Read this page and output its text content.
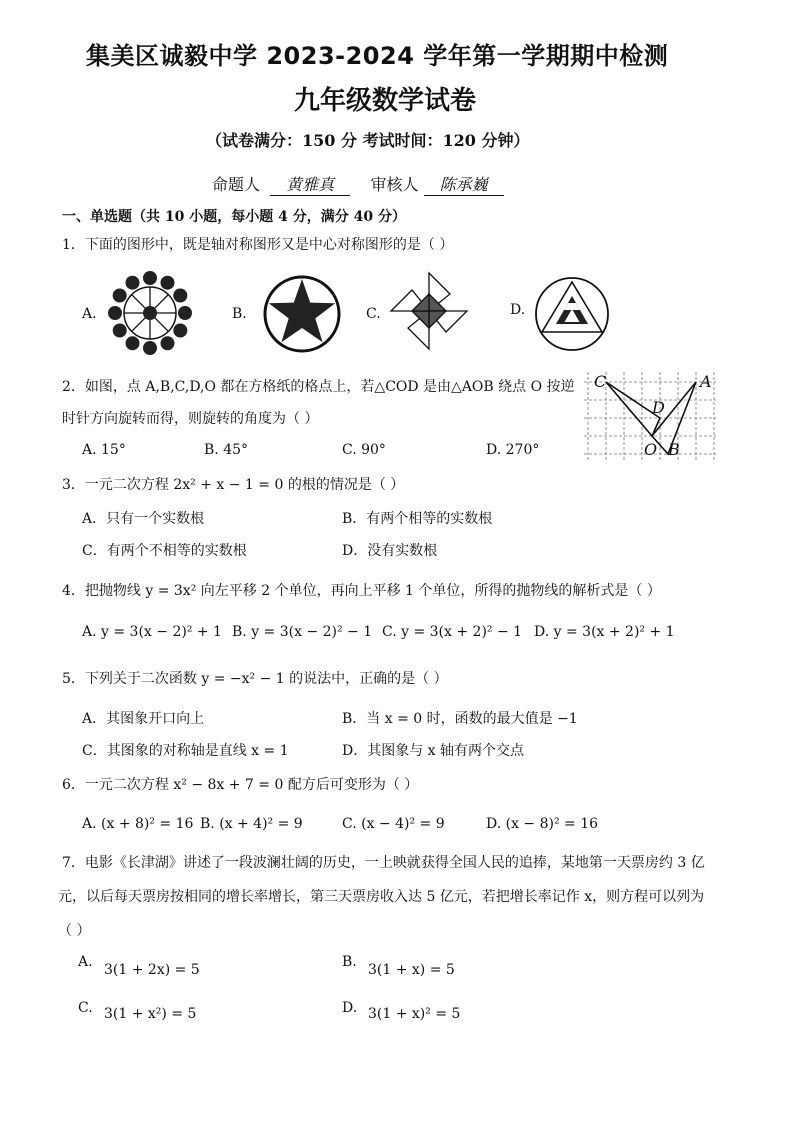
集美区诚毅中学 2023-2024 学年第一学期期中检测
九年级数学试卷
（试卷满分：150 分 考试时间：120 分钟）
命题人 黄雅真 审核人 陈承巍
一、单选题（共 10 小题，每小题 4 分，满分 40 分）
1．下面的图形中，既是轴对称图形又是中心对称图形的是（ ）
A.	B.	C.	D.
2．如图，点 A,B,C,D,O 都在方格纸的格点上，若△COD 是由△AOB 绕点 O 按逆
时针方向旋转而得，则旋转的角度为（ ）
A. 15°	B. 45°	C. 90°	D. 270°
C	A
D
O B
3．一元二次方程 2x² + x − 1 = 0 的根的情况是（ ）
A．只有一个实数根	B．有两个相等的实数根
C．有两个不相等的实数根	D．没有实数根
4．把抛物线 y = 3x² 向左平移 2 个单位，再向上平移 1 个单位，所得的抛物线的解析式是（ ）
A. y = 3(x − 2)² + 1 B. y = 3(x − 2)² − 1 C. y = 3(x + 2)² − 1 D. y = 3(x + 2)² + 1
5．下列关于二次函数 y = −x² − 1 的说法中，正确的是（ ）
A．其图象开口向上	B．当 x = 0 时，函数的最大值是 −1
C．其图象的对称轴是直线 x = 1	D．其图象与 x 轴有两个交点
6．一元二次方程 x² − 8x + 7 = 0 配方后可变形为（ ）
A. (x + 8)² = 16 B. (x + 4)² = 9	C. (x − 4)² = 9	D. (x − 8)² = 16
7．电影《长津湖》讲述了一段波澜壮阔的历史，一上映就获得全国人民的追捧，某地第一天票房约 3 亿
元，以后每天票房按相同的增长率增长，第三天票房收入达 5 亿元，若把增长率记作 x，则方程可以列为
（ ）
A. 3(1 + 2x) = 5	B. 3(1 + x) = 5
C. 3(1 + x²) = 5	D. 3(1 + x)² = 5
